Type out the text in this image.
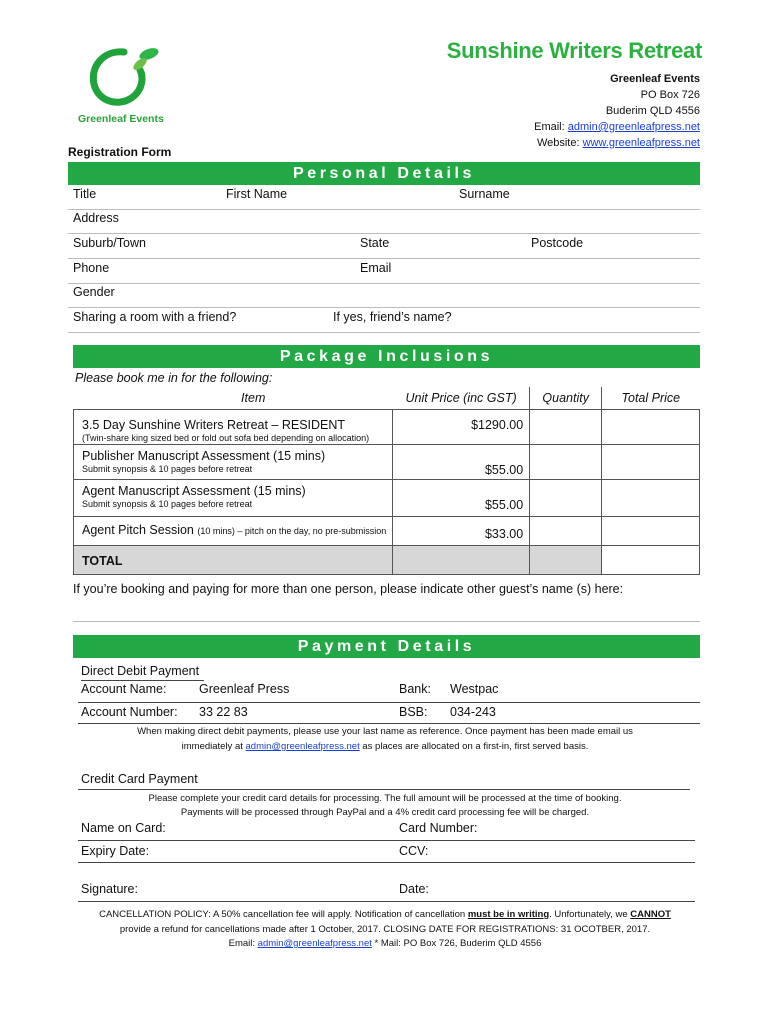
Greenleaf Events
Sunshine Writers Retreat
Greenleaf Events
PO Box 726
Buderim QLD 4556
Email: admin@greenleafpress.net
Website: www.greenleafpress.net
Registration Form
Personal Details
Title	First Name	Surname
Address
Suburb/Town	State	Postcode
Phone	Email
Gender
Sharing a room with a friend?	If yes, friend’s name?
Package Inclusions
Please book me in for the following:
Item	Unit Price (inc GST)	Quantity	Total Price

3.5 Day Sunshine Writers Retreat – RESIDENT
(Twin-share king sized bed or fold out sofa bed depending on allocation)	$1290.00		

Publisher Manuscript Assessment (15 mins)
Submit synopsis & 10 pages before retreat	$55.00		

Agent Manuscript Assessment (15 mins)
Submit synopsis & 10 pages before retreat	$55.00		

Agent Pitch Session (10 mins) – pitch on the day, no pre-submission	$33.00		

TOTAL			

If you’re booking and paying for more than one person, please indicate other guest’s name (s) here:
Payment Details
Direct Debit Payment
Account Name:	Greenleaf Press	Bank: Westpac
Account Number: 33 22 83	BSB: 034-243
When making direct debit payments, please use your last name as reference. Once payment has been made email us
immediately at admin@greenleafpress.net as places are allocated on a first-in, first served basis.
Credit Card Payment
Please complete your credit card details for processing. The full amount will be processed at the time of booking.
Payments will be processed through PayPal and a 4% credit card processing fee will be charged.
Name on Card:	Card Number:
Expiry Date:	CCV:
Signature:	Date:
CANCELLATION POLICY: A 50% cancellation fee will apply. Notification of cancellation must be in writing. Unfortunately, we CANNOT
provide a refund for cancellations made after 1 October, 2017. CLOSING DATE FOR REGISTRATIONS: 31 OCOTBER, 2017.
Email: admin@greenleafpress.net * Mail: PO Box 726, Buderim QLD 4556
